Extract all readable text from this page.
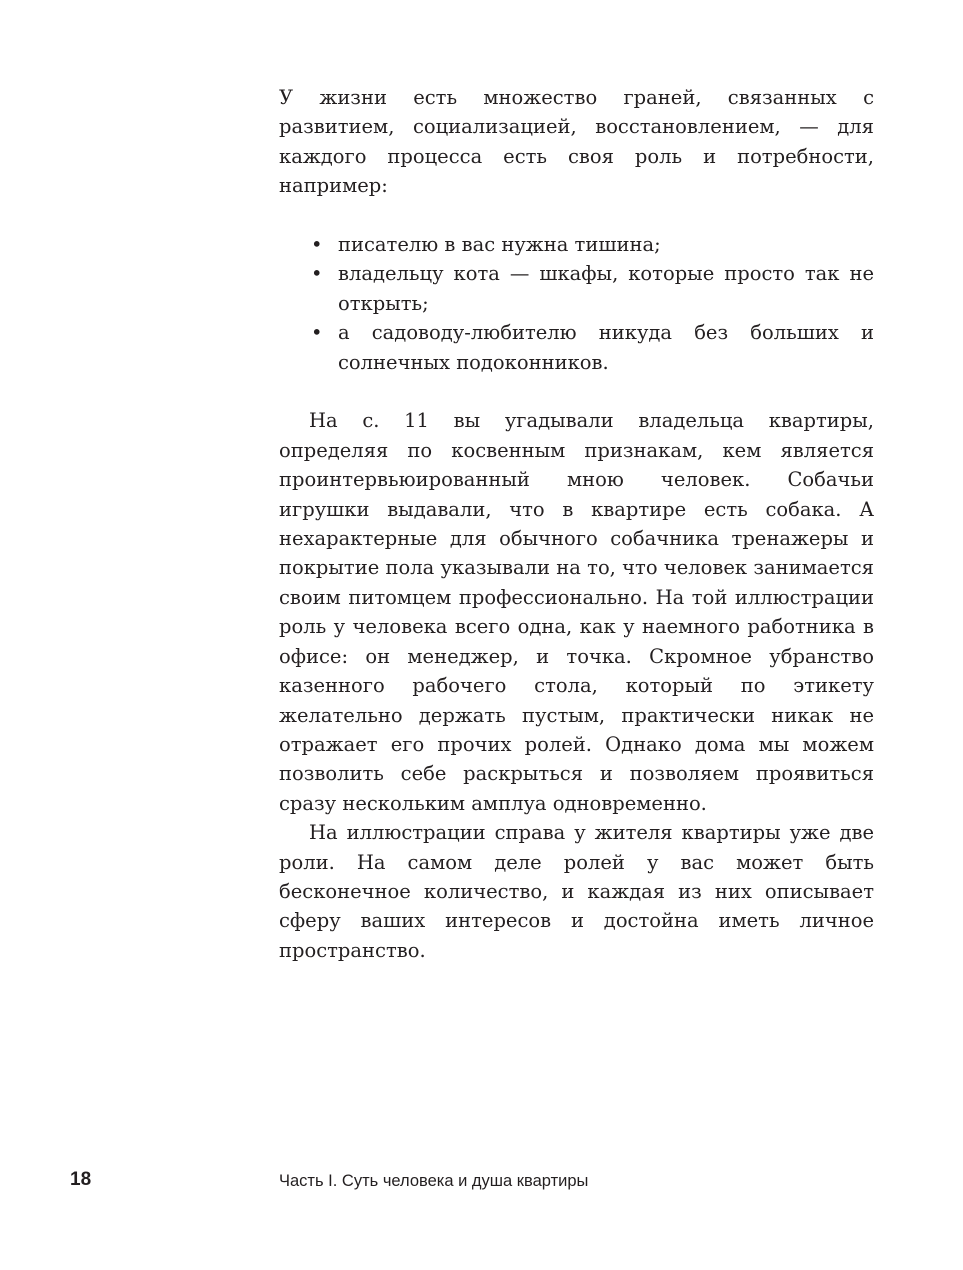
У жизни есть множество граней, связанных с развитием, социализацией, восстановлением, — для каждого процесса есть своя роль и потребности, например:

• писателю в вас нужна тишина;
• владельцу кота — шкафы, которые просто так не открыть;
• а садоводу-любителю никуда без больших и солнечных подоконников.

На с. 11 вы угадывали владельца квартиры, определяя по косвенным признакам, кем является проинтервьюированный мною человек. Собачьи игрушки выдавали, что в квартире есть собака. А нехарактерные для обычного собачника тренажеры и покрытие пола указывали на то, что человек занимается своим питомцем профессионально. На той иллюстрации роль у человека всего одна, как у наемного работника в офисе: он менеджер, и точка. Скромное убранство казенного рабочего стола, который по этикету желательно держать пустым, практически никак не отражает его прочих ролей. Однако дома мы можем позволить себе раскрыться и позволяем проявиться сразу нескольким амплуа одновременно.

На иллюстрации справа у жителя квартиры уже две роли. На самом деле ролей у вас может быть бесконечное количество, и каждая из них описывает сферу ваших интересов и достойна иметь личное пространство.

18	Часть I. Суть человека и душа квартиры
